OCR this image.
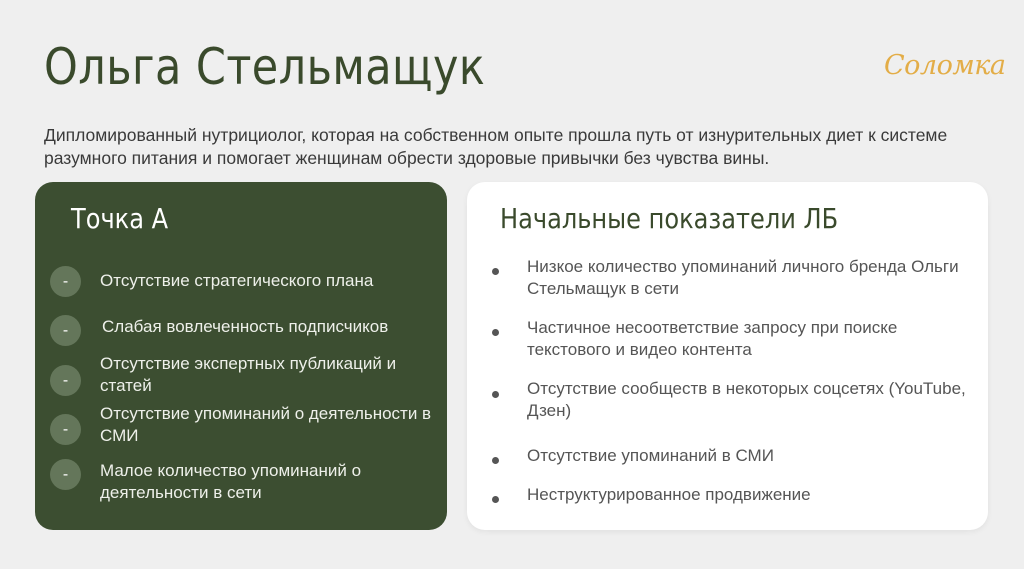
Ольга Стельмащук	Соломка
Дипломированный нутрициолог, которая на собственном опыте прошла путь от изнурительных диет к системе разумного питания и помогает женщинам обрести здоровые привычки без чувства вины.
Точка А
-	Отсутствие стратегического плана
-	Слабая вовлеченность подписчиков
-
Отсутствие экспертных публикаций и статей
-
Отсутствие упоминаний о деятельности в СМИ
-	Малое количество упоминаний о деятельности в сети
Начальные показатели ЛБ
Низкое количество упоминаний личного бренда Ольги Стельмащук в сети
Частичное несоответствие запросу при поиске текстового и видео контента
Отсутствие сообществ в некоторых соцсетях (YouTube, Дзен)
Отсутствие упоминаний в СМИ
Неструктурированное продвижение
